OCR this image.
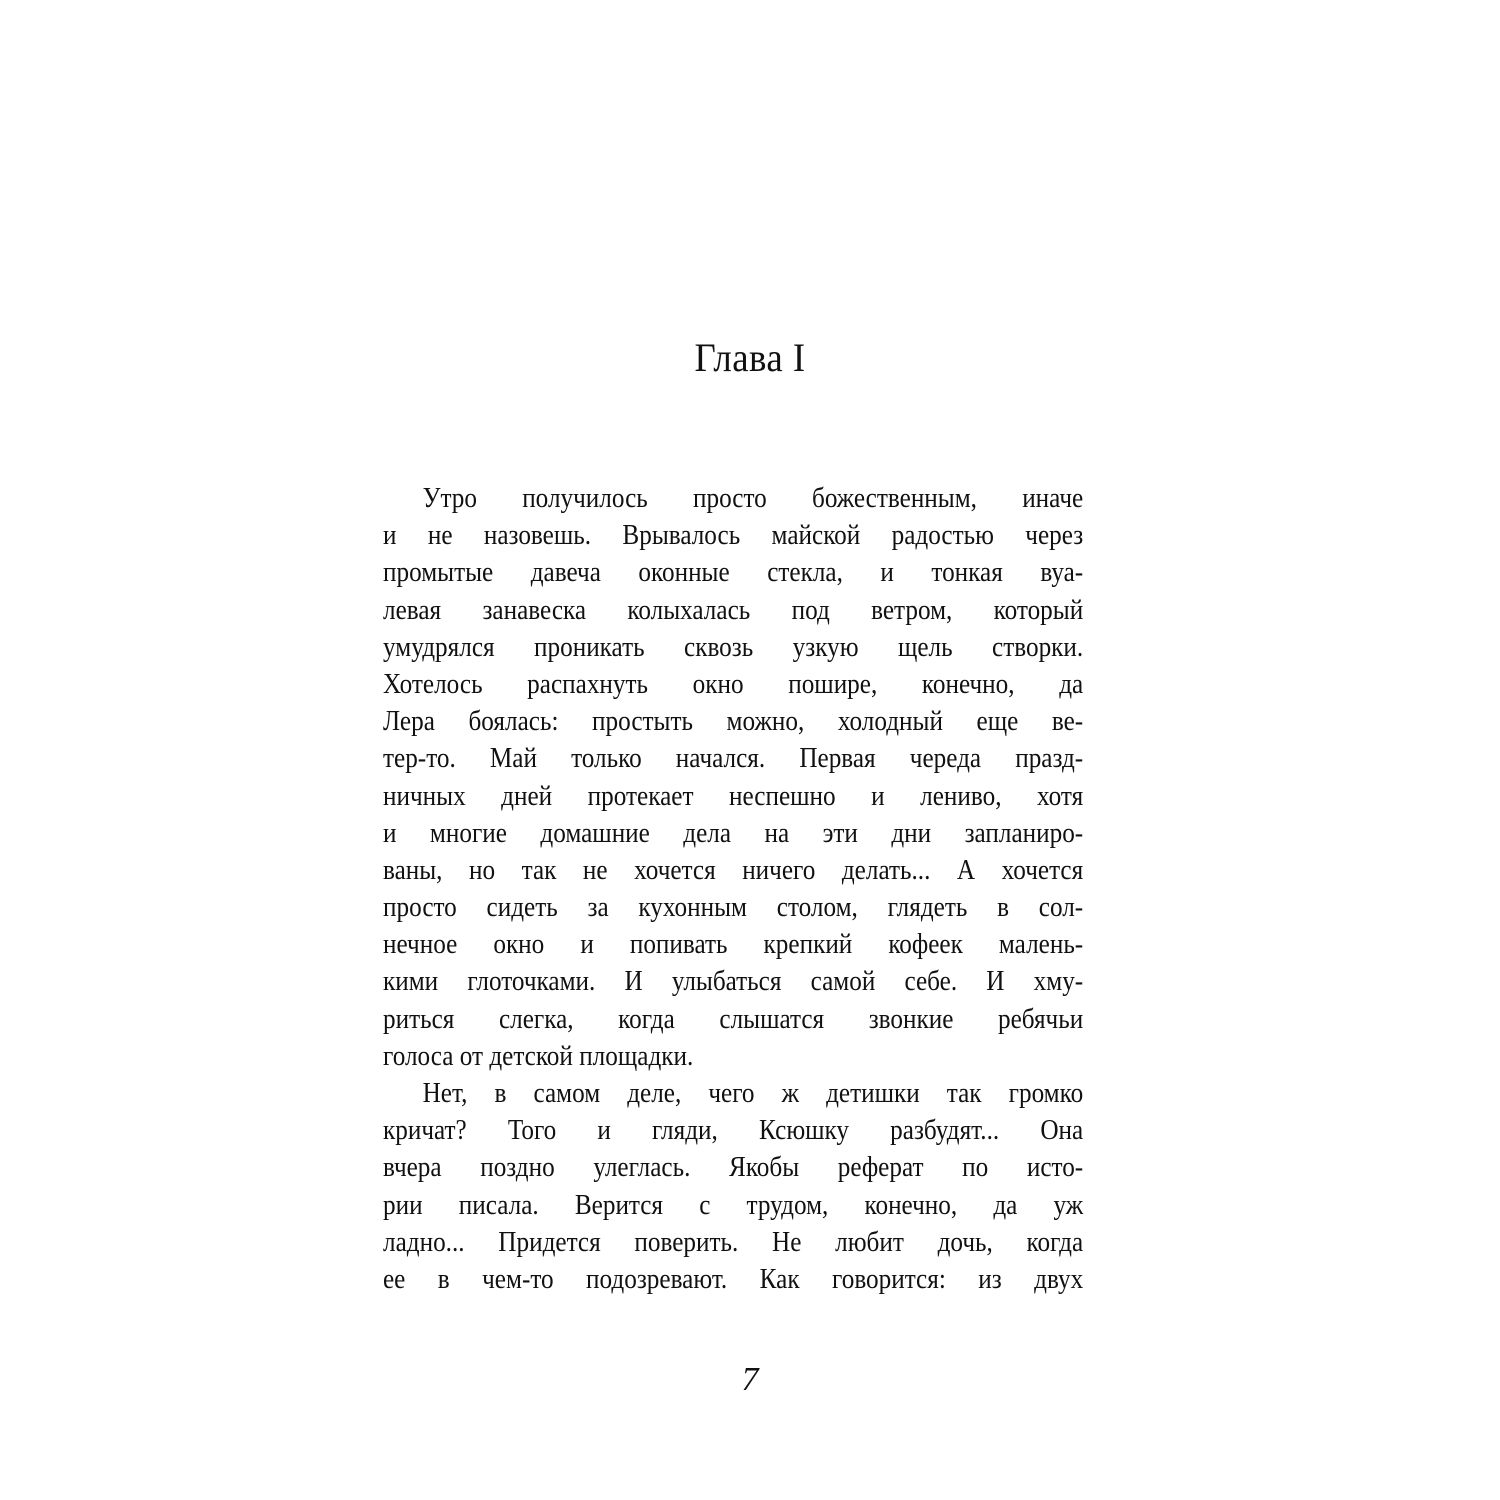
Глава I
Утро получилось просто божественным, иначе
и не назовешь. Врывалось майской радостью через
промытые давеча оконные стекла, и тонкая вуа-
левая занавеска колыхалась под ветром, который
умудрялся проникать сквозь узкую щель створки.
Хотелось распахнуть окно пошире, конечно, да
Лера боялась: простыть можно, холодный еще ве-
тер-то. Май только начался. Первая череда празд-
ничных дней протекает неспешно и лениво, хотя
и многие домашние дела на эти дни запланиро-
ваны, но так не хочется ничего делать... А хочется
просто сидеть за кухонным столом, глядеть в сол-
нечное окно и попивать крепкий кофеек малень-
кими глоточками. И улыбаться самой себе. И хму-
риться слегка, когда слышатся звонкие ребячьи
голоса от детской площадки.
Нет, в самом деле, чего ж детишки так громко
кричат? Того и гляди, Ксюшку разбудят... Она
вчера поздно улеглась. Якобы реферат по исто-
рии писала. Верится с трудом, конечно, да уж
ладно... Придется поверить. Не любит дочь, когда
ее в чем-то подозревают. Как говорится: из двух
7
